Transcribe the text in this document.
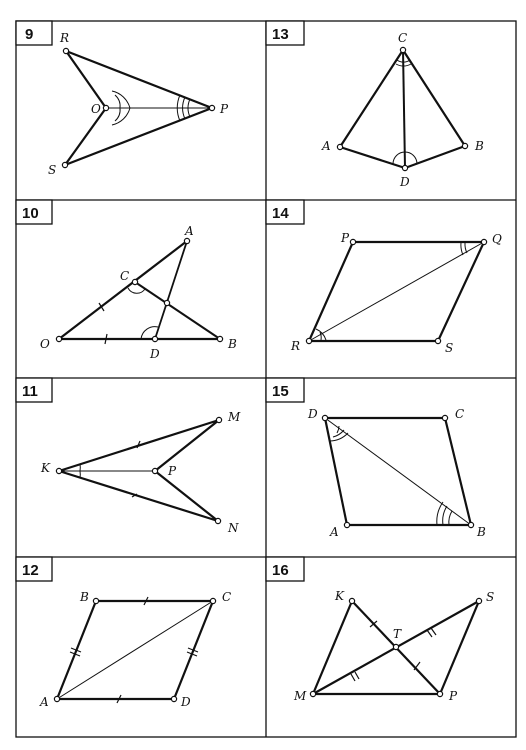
9	13
10	14
11	15
12	16
R
O	P
S
C
A	B
D
A
C
O
D
B
P	Q
R	S
M
K	P
N
D	C
A	B
B	C
A	D
K	S
T
M	P
